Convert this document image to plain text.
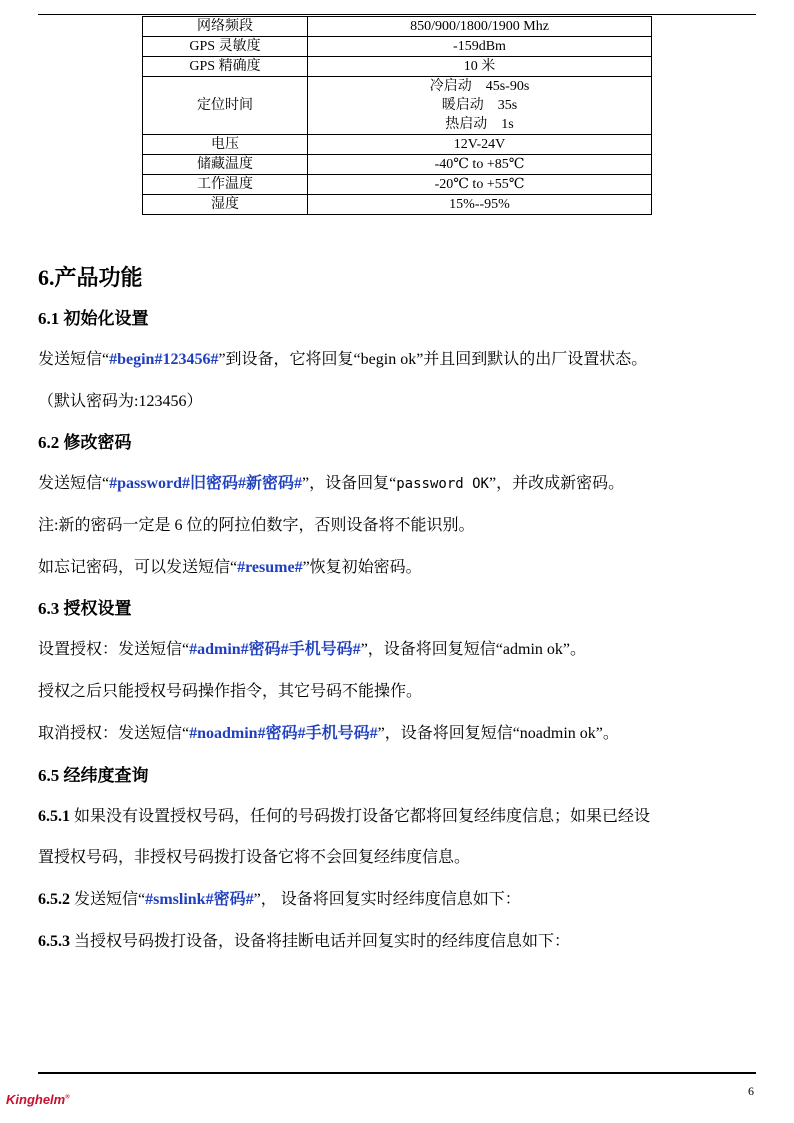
网络频段	850/900/1800/1900 Mhz

GPS 灵敏度	-159dBm

GPS 精确度	10 米

定位时间	冷启动    45s-90s
暖启动    35s
热启动    1s

电压	12V-24V

储藏温度	-40℃ to +85℃

工作温度	-20℃ to +55℃

湿度	15%--95%
6.产品功能
6.1 初始化设置

发送短信“#begin#123456#”到设备，它将回复“begin ok”并且回到默认的出厂设置状态。

（默认密码为:123456）

6.2 修改密码

发送短信“#password#旧密码#新密码#”，设备回复“password OK”，并改成新密码。

注:新的密码一定是 6 位的阿拉伯数字，否则设备将不能识别。

如忘记密码，可以发送短信“#resume#”恢复初始密码。

6.3 授权设置

设置授权：发送短信“#admin#密码#手机号码#”，设备将回复短信“admin ok”。

授权之后只能授权号码操作指令，其它号码不能操作。

取消授权：发送短信“#noadmin#密码#手机号码#”，设备将回复短信“noadmin ok”。

6.5 经纬度查询

6.5.1 如果没有设置授权号码，任何的号码拨打设备它都将回复经纬度信息；如果已经设

置授权号码，非授权号码拨打设备它将不会回复经纬度信息。

6.5.2 发送短信“#smslink#密码#”， 设备将回复实时经纬度信息如下：

6.5.3 当授权号码拨打设备，设备将挂断电话并回复实时的经纬度信息如下：

Kinghelm®	6
